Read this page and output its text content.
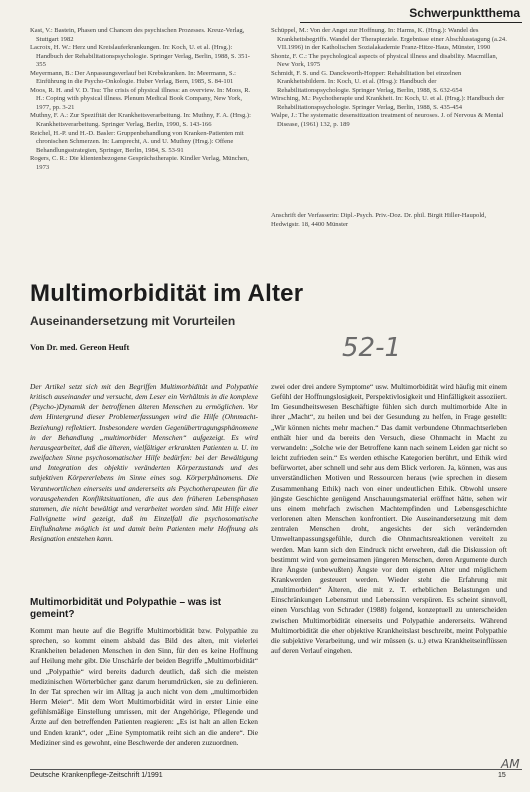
Schwerpunktthema
Kast, V.: Bastein, Phasen und Chancen des psychischen Prozesses. Kreuz-Verlag, Stuttgart 1982
Lacroix, H. W.: Herz und Kreislauferkrankungen. In: Koch, U. et al. (Hrsg.): Handbuch der Rehabilitationspsychologie. Springer Verlag, Berlin, 1988, S. 351-355
Meyermann, B.: Der Anpassungsverlauf bei Krebskranken. In: Meermann, S.: Einführung in die Psycho-Onkologie. Huber Verlag, Bern, 1985, S. 84-101
Moos, R. H. and V. D. Tsu: The crisis of physical illness: an overview. In: Moos, R. H.: Coping with physical illness. Plenum Medical Book Company, New York, 1977, pp. 3-21
Muthny, F. A.: Zur Spezifität der Krankheitsverarbeitung. In: Muthny, F. A. (Hrsg.): Krankheitsverarbeitung. Springer Verlag, Berlin, 1990, S. 143-166
Reichel, H.-P. und H.-D. Basler: Gruppenbehandlung von Kranken-Patienten mit chronischen Schmerzen. In: Lamprecht, A. und U. Muthny (Hrsg.): Offene Behandlungsstrategien, Springer, Berlin, 1984, S. 53-91
Rogers, C. R.: Die klientenbezogene Gesprächstherapie. Kindler Verlag, München, 1973
Schüppel, M.: Von der Angst zur Hoffnung. In: Harms, K. (Hrsg.): Wandel des Krankheitsbegriffs. Wandel der Therapieziele. Ergebnisse einer Abschlusstagung (a.24. VII.1996) in der Katholischen Sozialakademie Franz-Hitze-Haus, Münster, 1990
Shontz, F. C.: The psychological aspects of physical illness and disability. Macmillan, New York, 1975
Schmidt, F. S. und G. Danckworth-Hopper: Rehabilitation bei einzelnen Krankheitsbildern. In: Koch, U. et al. (Hrsg.): Handbuch der Rehabilitationspsychologie. Springer Verlag, Berlin, 1988, S. 632-654
Wirsching, M.: Psychotherapie und Krankheit. In: Koch, U. et al. (Hrsg.): Handbuch der Rehabilitationspsychologie. Springer Verlag, Berlin, 1988, S. 435-454
Walpe, J.: The systematic desensitization treatment of neuroses. J. of Nervous & Mental Disease, (1961) 132, p. 189
Anschrift der Verfasserin: Dipl.-Psych. Priv.-Doz. Dr. phil. Birgit Hiller-Haupold, Hedwigstr. 18, 4400 Münster
Multimorbidität im Alter
Auseinandersetzung mit Vorurteilen
Von Dr. med. Gereon Heuft	52-1
Der Artikel setzt sich mit den Begriffen Multimorbidität und Polypathie kritisch auseinander und versucht, dem Leser ein Verhältnis in die komplexe (Psycho-)Dynamik der betroffenen älteren Menschen zu ermöglichen. Vor dem Hintergrund dieser Problemerfassungen wird die Hilfe (Ohnmacht-Beziehung) reflektiert. Insbesondere werden Gegenübertragungsphänomene in der Behandlung „multimorbider Menschen“ aufgezeigt. Es wird herausgearbeitet, daß die älteren, vielfältiger erkrankten Patienten u. U. im zweifachen Sinne psychosomatischer Hilfe bedürfen: bei der Bewältigung und Integration des objektiv veränderten Körperzustands und des subjektiven Körpererlebens im Sinne eines sog. Körperphänomens. Die Verantwortlichen einerseits und andererseits als Psychotherapeuten für die vorausgehenden Konfliktsituationen, die aus den früheren Lebensphasen stammen, die nicht bewältigt und verarbeitet worden sind. Mit Hilfe einer Fallvignette wird gezeigt, daß im Einzelfall die psychosomatische Einflußnahme möglich ist und damit beim Patienten mehr Hoffnung als Resignation entstehen kann.
Multimorbidität und Polypathie – was ist gemeint?
Kommt man heute auf die Begriffe Multimorbidität bzw. Polypathie zu sprechen, so kommt einem alsbald das Bild des alten, mit vielerlei Krankheiten beladenen Menschen in den Sinn, für den es keine Hoffnung auf Heilung mehr gibt. Die Unschärfe der beiden Begriffe „Multimorbidität“ und „Polypathie“ wird bereits dadurch deutlich, daß sich die meisten medizinischen Wörterbücher ganz darum herumdrücken, sie zu definieren. In der Tat sprechen wir im Alltag ja auch nicht von dem „multimorbiden Herrn Meier“. Mit dem Wort Multimorbidität wird in erster Linie eine gefühlsmäßige Einstellung umrissen, mit der Angehörige, Pflegende und Ärzte auf den betreffenden Patienten reagieren: „Es ist halt an allen Ecken und Enden krank“, oder „Eine Symptomatik reiht sich an die andere“. Die Mediziner sind es gewohnt, eine Beschwerde der anderen zuzuordnen.
zwei oder drei andere Symptome“ usw. Multimorbidität wird häufig mit einem Gefühl der Hoffnungslosigkeit, Perspektivlosigkeit und Hinfälligkeit assoziiert. Im Gesundheitswesen Beschäftigte fühlen sich durch multimorbide Alte in ihrer „Macht“, zu heilen und bei der Gesundung zu helfen, in Frage gestellt: „Wir können nichts mehr machen.“ Das damit verbundene Ohnmachtserleben enthält hier und da bereits den Versuch, diese Ohnmacht in Macht zu verwandeln: „Solche wie der Betroffene kann nach seinem Leiden gar nicht so leicht zufrieden sein.“ Es werden ethische Kategorien berührt, und Ethik wird befürwortet, aber schnell und sehr aus dem Blick verloren. Ja, können, was aus unverständlichen Motiven und Ressourcen heraus (wie sprechen in diesem Zusammenhang Ethik) nach von einer undeutlichen Ethik. Obwohl unsere jüngste Geschichte genügend Anschauungsmaterial eröffnet hätte, sehen wir uns einem mehrfach zwischen Machtempfinden und Lebensgeschichte verlorenen alten Menschen konfrontiert. Die Auseinandersetzung mit dem zentralen Menschen droht, angesichts der sich verändernden Umweltanpassungsgefühle, durch die Ohnmachtsreaktionen vereitelt zu werden. Man kann sich den Eindruck nicht erwehren, daß die Diskussion oft bestimmt wird von gemeinsamen jüngeren Menschen, deren Argumente durch ihre Ängste (unbewußten) Ängste vor dem eigenen Alter und möglichem Krankwerden gesteuert werden. Wieder steht die Erfahrung mit „multimorbiden“ Älteren, die mit z. T. erheblichen Belastungen und Einschränkungen Lebensmut und Lebenssinn verspüren. Es scheint sinnvoll, einen Vorschlag von Schrader (1988) folgend, konzeptuell zu unterscheiden zwischen Multimorbidität einerseits und Polypathie andererseits. Während Multimorbidität die eher objektive Krankheitslast beschreibt, meint Polypathie die subjektive Verarbeitung, und wir müssen (s. u.) etwa Krankheitseinflüssen auf deren Verlauf eingehen.
Deutsche Krankenpflege-Zeitschrift 1/1991	15
AM
